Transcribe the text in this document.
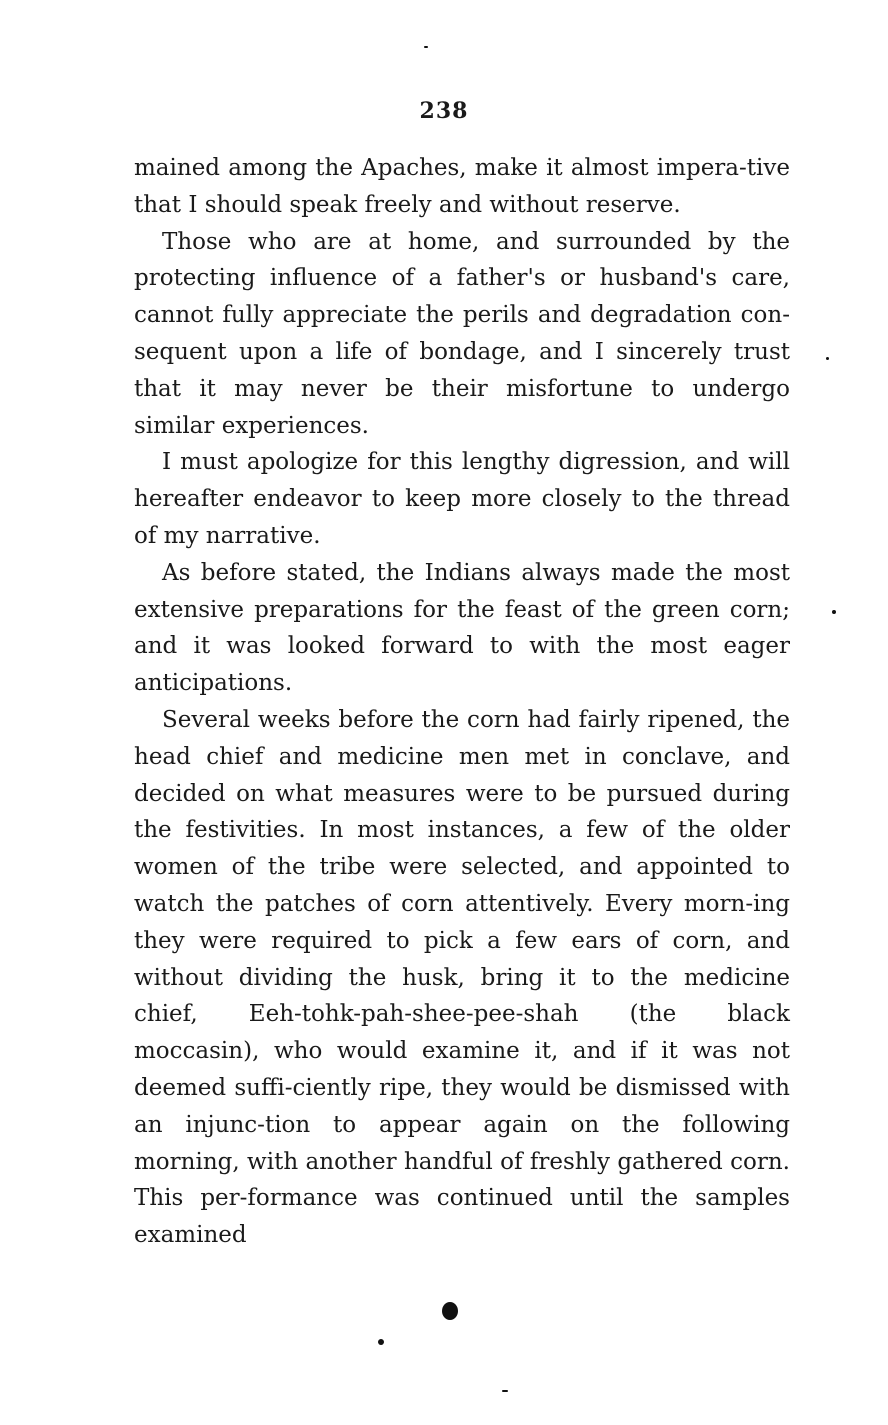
238

mained among the Apaches, make it almost impera-tive that I should speak freely and without reserve.

Those who are at home, and surrounded by the protecting influence of a father's or husband's care, cannot fully appreciate the perils and degradation con-sequent upon a life of bondage, and I sincerely trust that it may never be their misfortune to undergo similar experiences.

I must apologize for this lengthy digression, and will hereafter endeavor to keep more closely to the thread of my narrative.

As before stated, the Indians always made the most extensive preparations for the feast of the green corn; and it was looked forward to with the most eager anticipations.

Several weeks before the corn had fairly ripened, the head chief and medicine men met in conclave, and decided on what measures were to be pursued during the festivities. In most instances, a few of the older women of the tribe were selected, and appointed to watch the patches of corn attentively. Every morn-ing they were required to pick a few ears of corn, and without dividing the husk, bring it to the medicine chief, Eeh-tohk-pah-shee-pee-shah (the black moccasin), who would examine it, and if it was not deemed suffi-ciently ripe, they would be dismissed with an injunc-tion to appear again on the following morning, with another handful of freshly gathered corn. This per-formance was continued until the samples examined
